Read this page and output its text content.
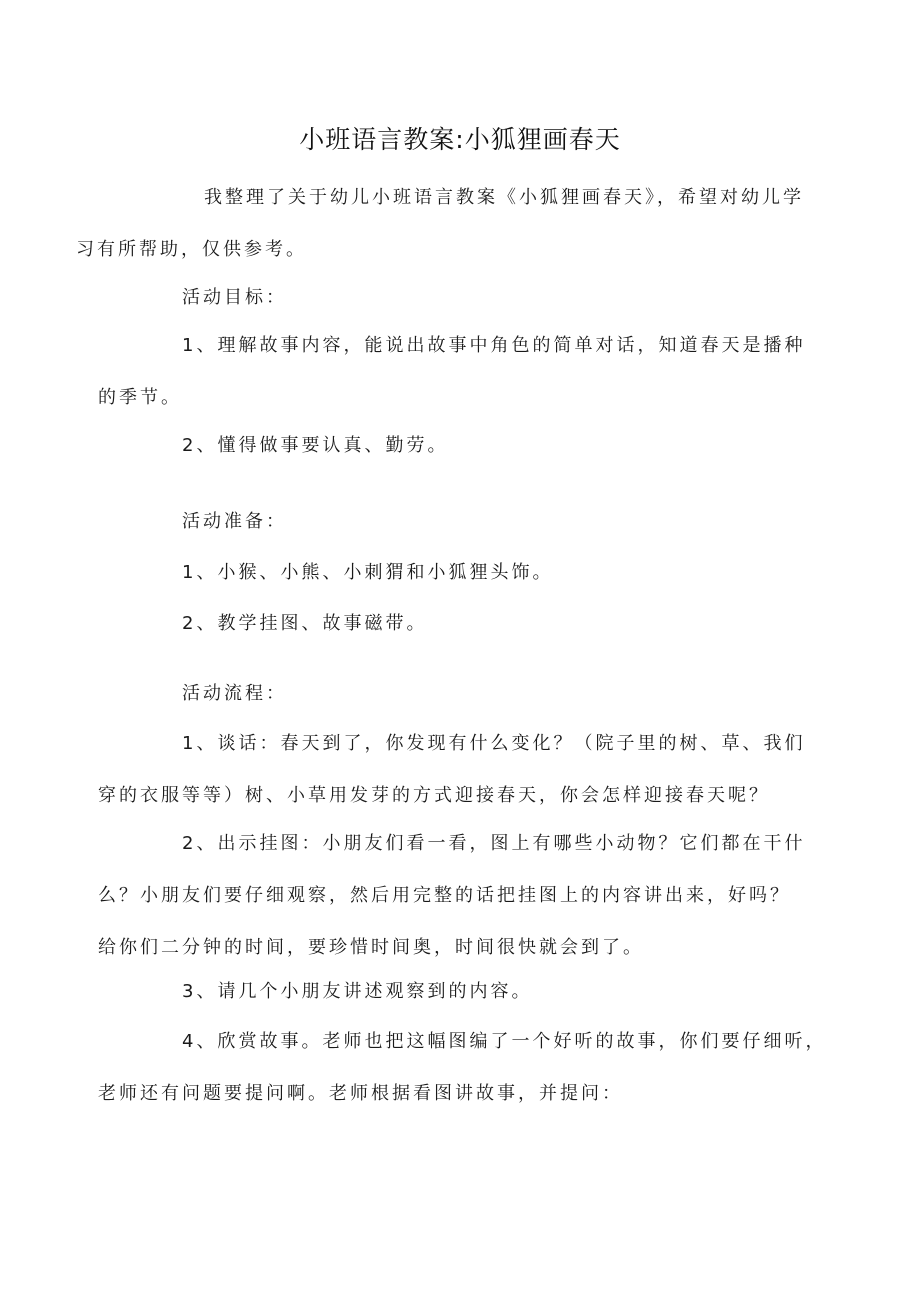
小班语言教案:小狐狸画春天
我整理了关于幼儿小班语言教案《小狐狸画春天》，希望对幼儿学
习有所帮助，仅供参考。
活动目标：
1、理解故事内容，能说出故事中角色的简单对话，知道春天是播种
的季节。
2、懂得做事要认真、勤劳。
活动准备：
1、小猴、小熊、小刺猬和小狐狸头饰。
2、教学挂图、故事磁带。
活动流程：
1、谈话：春天到了，你发现有什么变化？（院子里的树、草、我们
穿的衣服等等）树、小草用发芽的方式迎接春天，你会怎样迎接春天呢？
2、出示挂图：小朋友们看一看，图上有哪些小动物？它们都在干什
么？小朋友们要仔细观察，然后用完整的话把挂图上的内容讲出来，好吗？
给你们二分钟的时间，要珍惜时间奥，时间很快就会到了。
3、请几个小朋友讲述观察到的内容。
4、欣赏故事。老师也把这幅图编了一个好听的故事，你们要仔细听，
老师还有问题要提问啊。老师根据看图讲故事，并提问：
